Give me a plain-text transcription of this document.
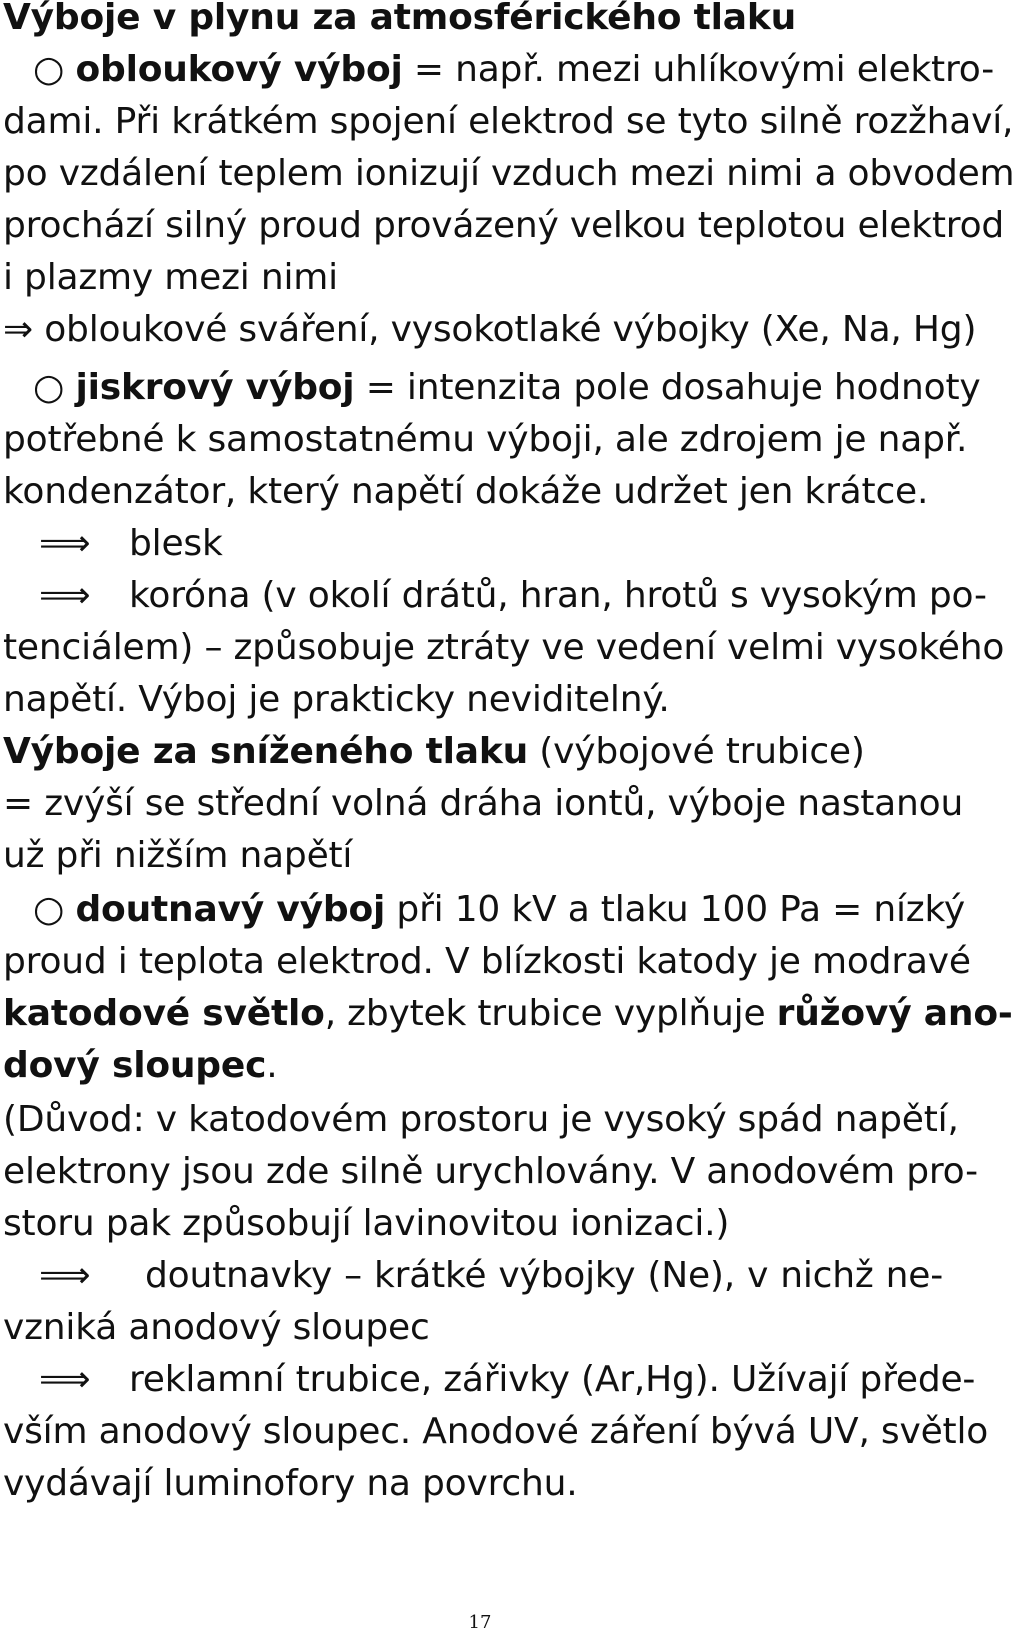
Výboje v plynu za atmosférického tlaku
○ obloukový výboj = např. mezi uhlíkovými elektro-
dami. Při krátkém spojení elektrod se tyto silně rozžhaví,
po vzdálení teplem ionizují vzduch mezi nimi a obvodem
prochází silný proud provázený velkou teplotou elektrod
i plazmy mezi nimi
⇒ obloukové sváření, vysokotlaké výbojky (Xe, Na, Hg)
○ jiskrový výboj = intenzita pole dosahuje hodnoty
potřebné k samostatnému výboji, ale zdrojem je např.
kondenzátor, který napětí dokáže udržet jen krátce.
⟹ blesk
⟹ koróna (v okolí drátů, hran, hrotů s vysokým po-
tenciálem) – způsobuje ztráty ve vedení velmi vysokého
napětí. Výboj je prakticky neviditelný.
Výboje za sníženého tlaku (výbojové trubice)
= zvýší se střední volná dráha iontů, výboje nastanou
už při nižším napětí
○ doutnavý výboj při 10 kV a tlaku 100 Pa = nízký
proud i teplota elektrod. V blízkosti katody je modravé
katodové světlo, zbytek trubice vyplňuje růžový ano-
dový sloupec.
(Důvod: v katodovém prostoru je vysoký spád napětí,
elektrony jsou zde silně urychlovány. V anodovém pro-
storu pak způsobují lavinovitou ionizaci.)
⟹ doutnavky – krátké výbojky (Ne), v nichž ne-
vzniká anodový sloupec
⟹ reklamní trubice, zářivky (Ar,Hg). Užívají přede-
vším anodový sloupec. Anodové záření bývá UV, světlo
vydávají luminofory na povrchu.
17
